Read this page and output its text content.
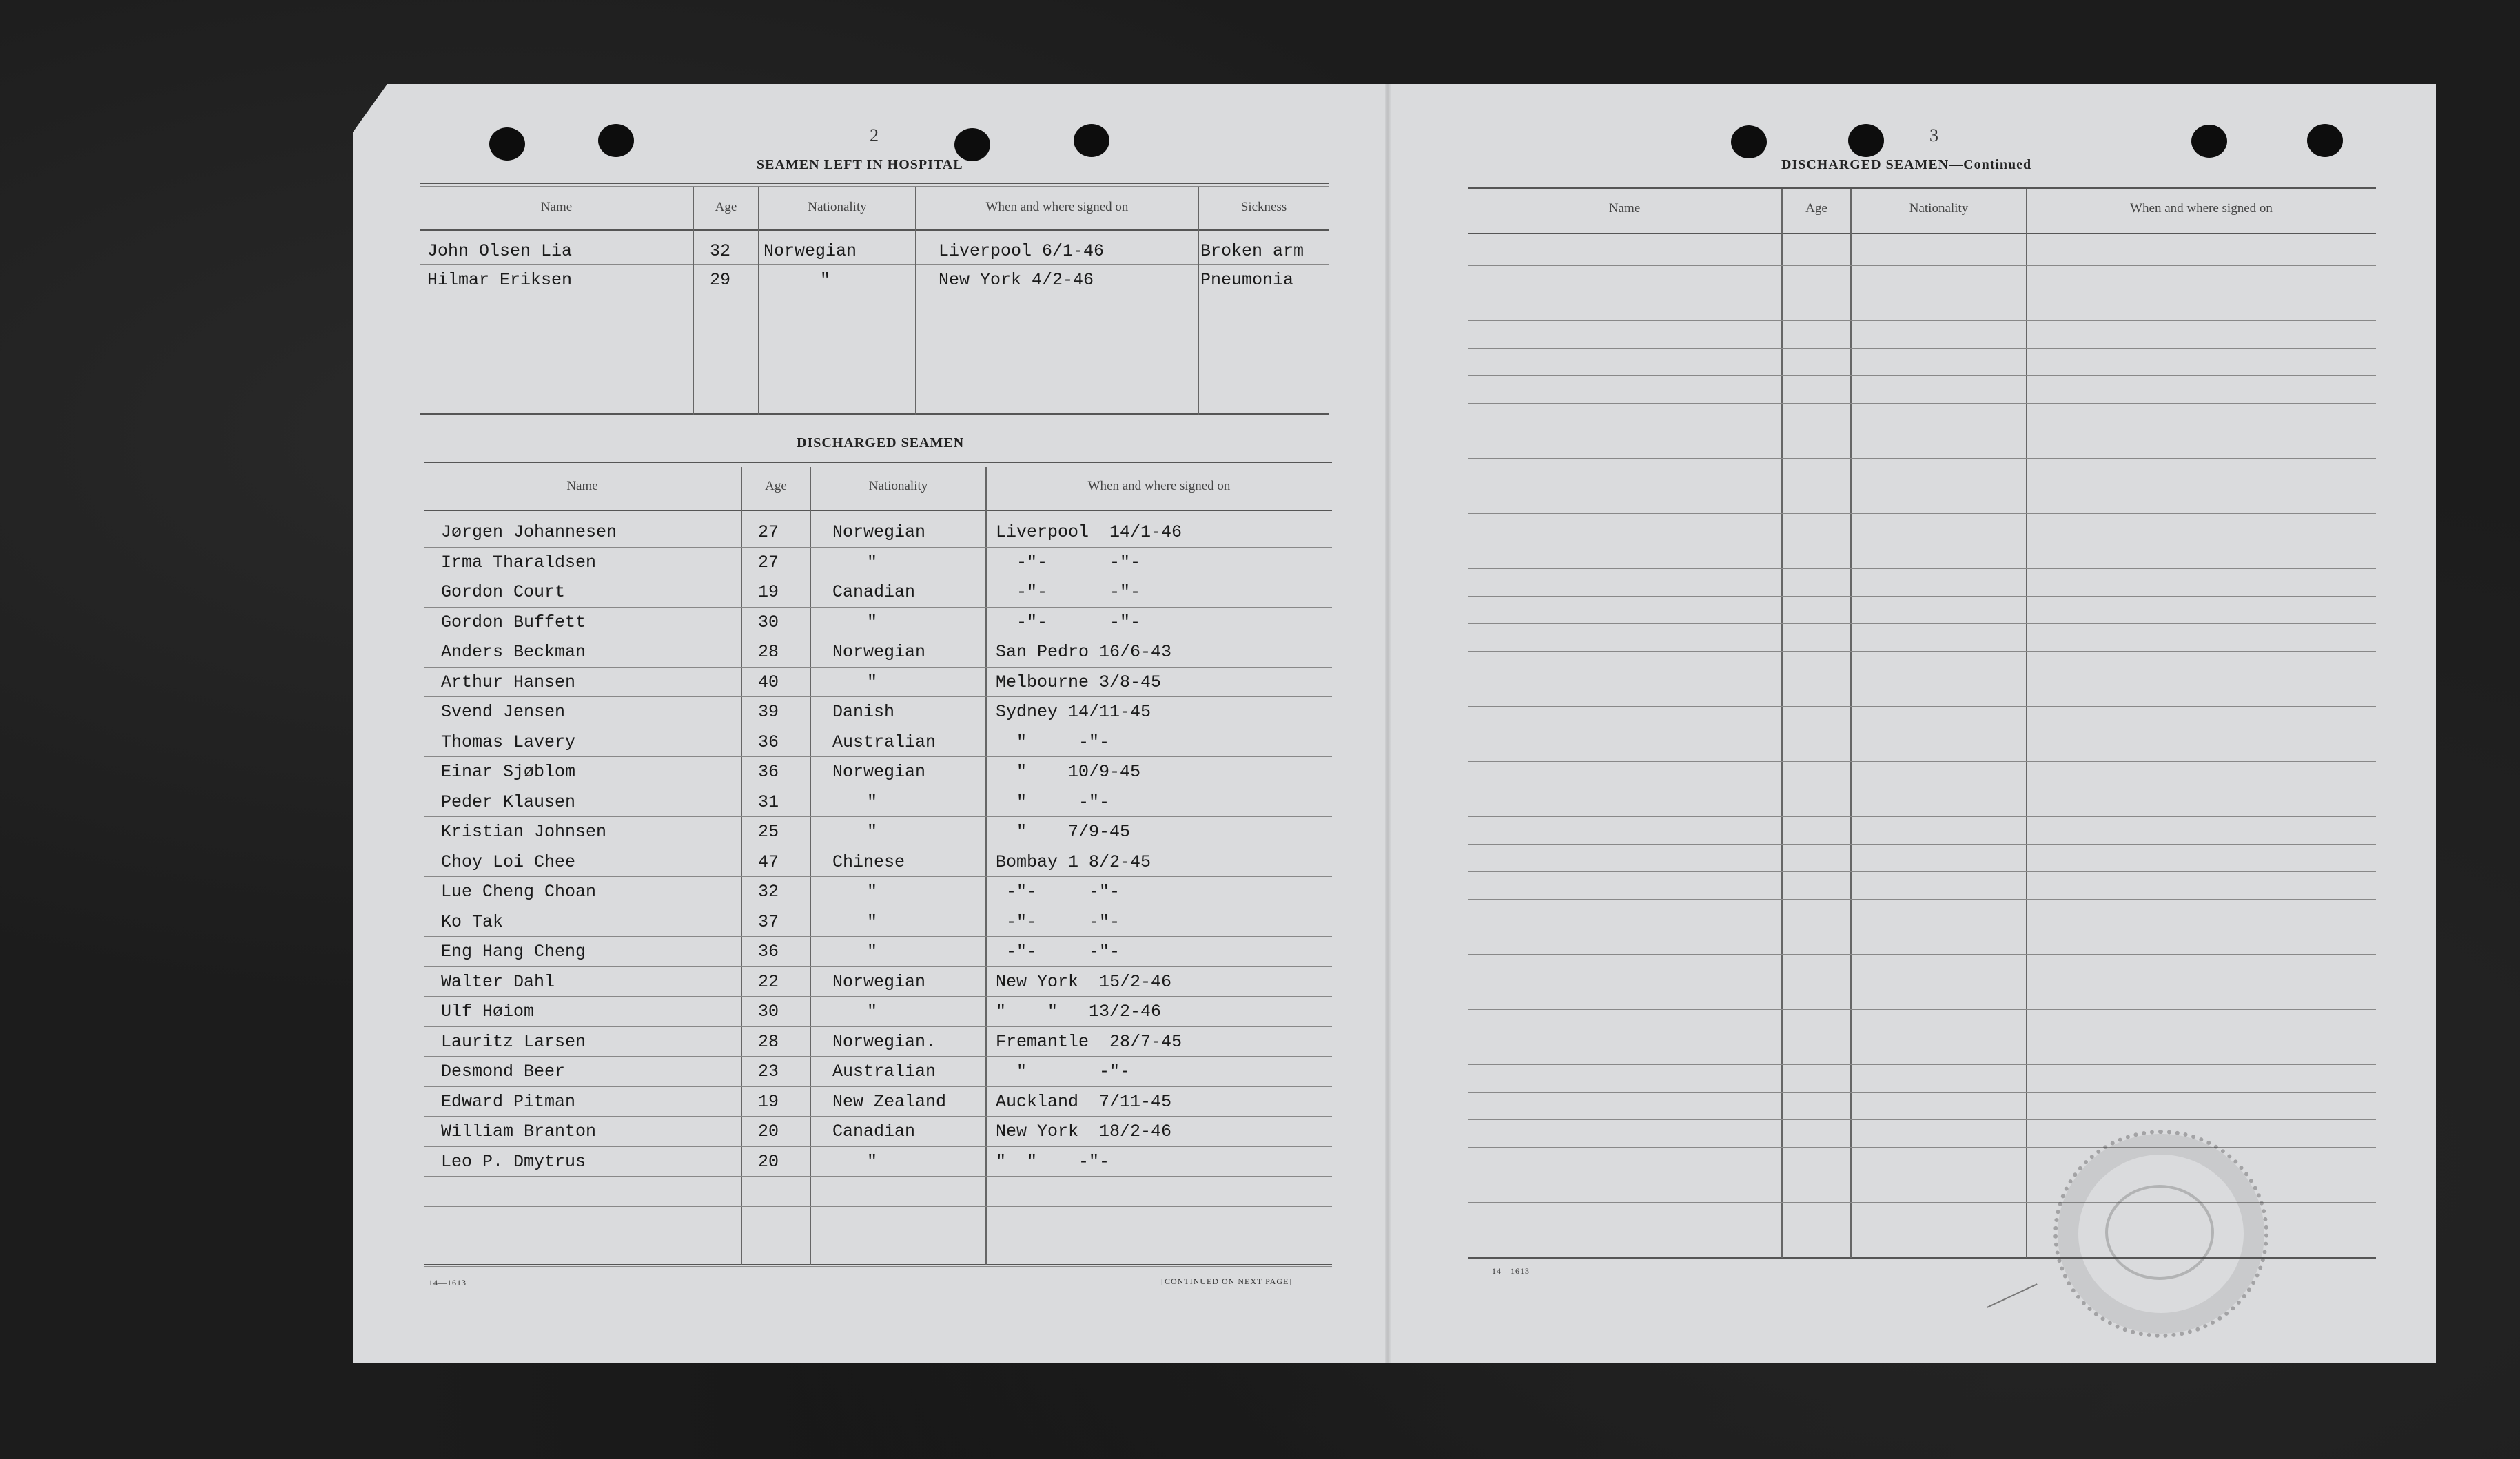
2
SEAMEN LEFT IN HOSPITAL
Name	Age	Nationality	When and where signed on	Sickness
John Olsen Lia	32 Norwegian	Liverpool 6/1-46	Broken arm
Hilmar Eriksen	29	"	New York 4/2-46	Pneumonia
DISCHARGED SEAMEN
Name	Age	Nationality	When and where signed on
Jørgen Johannesen	27	Norwegian	Liverpool  14/1-46
Irma Tharaldsen	27	"	-"-      -"-
Gordon Court	19	Canadian	-"-      -"-
Gordon Buffett	30	"	-"-      -"-
Anders Beckman	28	Norwegian	San Pedro 16/6-43
Arthur Hansen	40	"	Melbourne 3/8-45
Svend Jensen	39	Danish	Sydney 14/11-45
Thomas Lavery	36	Australian	"     -"-
Einar Sjøblom	36	Norwegian	"    10/9-45
Peder Klausen	31	"	"     -"-
Kristian Johnsen	25	"	"    7/9-45
Choy Loi Chee	47	Chinese	Bombay 1 8/2-45
Lue Cheng Choan	32	"	-"-     -"-
Ko Tak	37	"	-"-     -"-
Eng Hang Cheng	36	"	-"-     -"-
Walter Dahl	22	Norwegian	New York  15/2-46
Ulf Høiom	30	"	"    "   13/2-46
Lauritz Larsen	28	Norwegian.	Fremantle  28/7-45
Desmond Beer	23	Australian	"       -"-
Edward Pitman	19	New Zealand	Auckland  7/11-45
William Branton	20	Canadian	New York  18/2-46
Leo P. Dmytrus	20	"	"  "    -"-
14—1613	[CONTINUED ON NEXT PAGE]
3
DISCHARGED SEAMEN—Continued
Name	Age	Nationality	When and where signed on
14—1613
